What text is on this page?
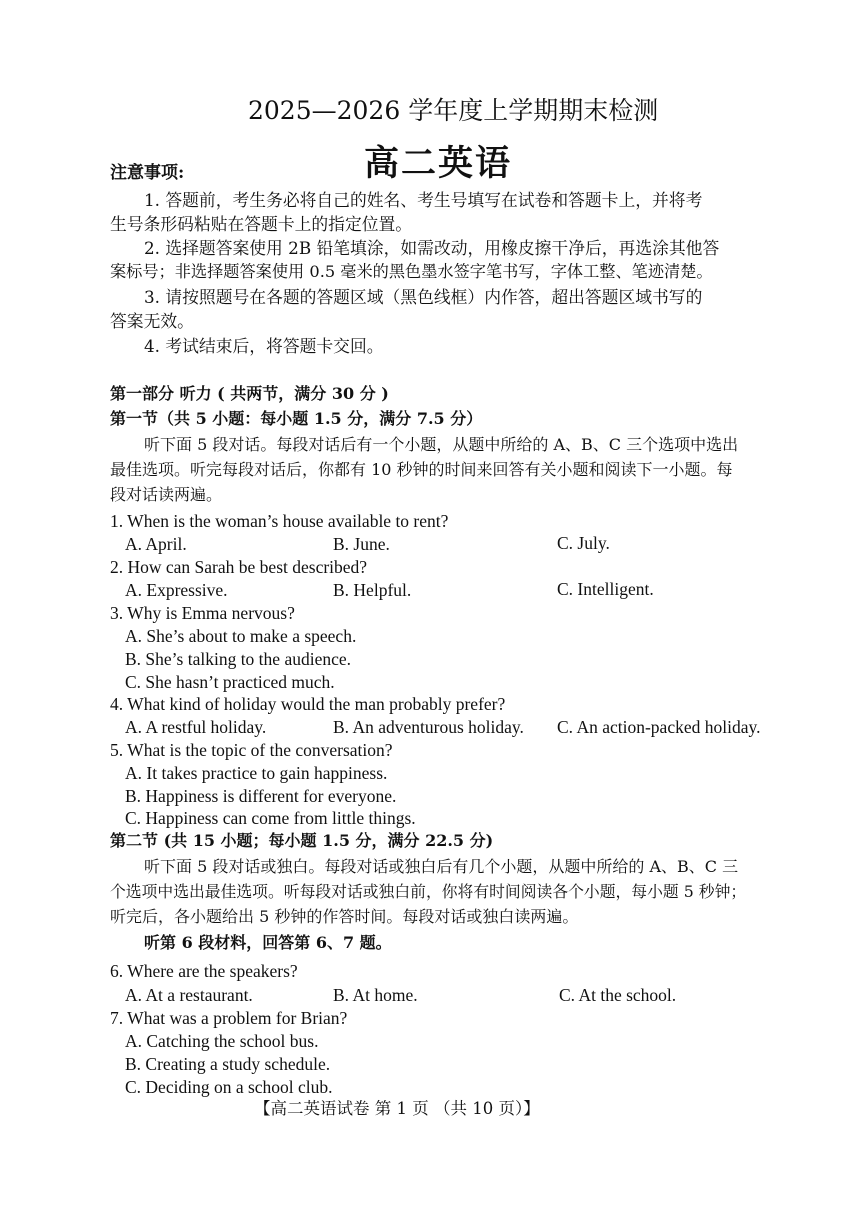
2025—2026 学年度上学期期末检测
高二英语
注意事项:
1. 答题前，考生务必将自己的姓名、考生号填写在试卷和答题卡上，并将考
生号条形码粘贴在答题卡上的指定位置。
2. 选择题答案使用 2B 铅笔填涂，如需改动，用橡皮擦干净后，再选涂其他答
案标号；非选择题答案使用 0.5 毫米的黑色墨水签字笔书写，字体工整、笔迹清楚。
3. 请按照题号在各题的答题区域（黑色线框）内作答，超出答题区域书写的
答案无效。
4. 考试结束后，将答题卡交回。
第一部分 听力 ( 共两节，满分 30 分 )
第一节（共 5 小题：每小题 1.5 分，满分 7.5 分）
听下面 5 段对话。每段对话后有一个小题，从题中所给的 A、B、C 三个选项中选出
最佳选项。听完每段对话后，你都有 10 秒钟的时间来回答有关小题和阅读下一小题。每
段对话读两遍。
1. When is the woman’s house available to rent?
A. April.	B. June.	C. July.
2. How can Sarah be best described?
A. Expressive.	B. Helpful.	C. Intelligent.
3. Why is Emma nervous?
A. She’s about to make a speech.
B. She’s talking to the audience.
C. She hasn’t practiced much.
4. What kind of holiday would the man probably prefer?
A. A restful holiday.	B. An adventurous holiday. C. An action-packed holiday.
5. What is the topic of the conversation?
A. It takes practice to gain happiness.
B. Happiness is different for everyone.
C. Happiness can come from little things.
第二节 (共 15 小题；每小题 1.5 分，满分 22.5 分)
听下面 5 段对话或独白。每段对话或独白后有几个小题，从题中所给的 A、B、C 三
个选项中选出最佳选项。听每段对话或独白前，你将有时间阅读各个小题，每小题 5 秒钟；
听完后，各小题给出 5 秒钟的作答时间。每段对话或独白读两遍。
听第 6 段材料，回答第 6、7 题。
6. Where are the speakers?
A. At a restaurant.	B. At home.	C. At the school.
7. What was a problem for Brian?
A. Catching the school bus.
B. Creating a study schedule.
C. Deciding on a school club.
【高二英语试卷 第 1 页 （共 10 页）】
